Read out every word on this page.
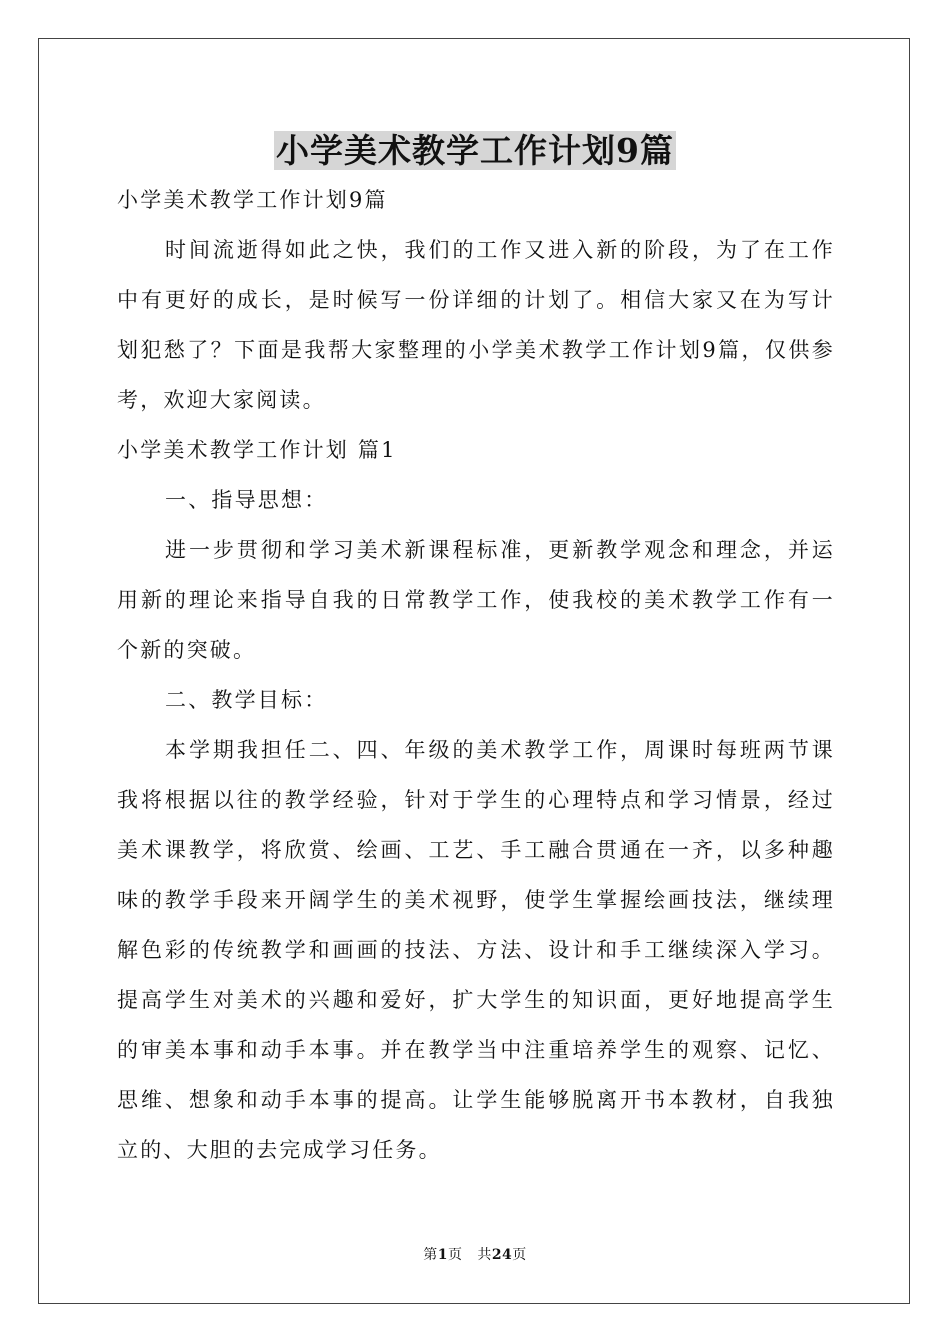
小学美术教学工作计划9篇

小学美术教学工作计划9篇

时间流逝得如此之快，我们的工作又进入新的阶段，为了在工作中有更好的成长，是时候写一份详细的计划了。相信大家又在为写计划犯愁了？下面是我帮大家整理的小学美术教学工作计划9篇，仅供参考，欢迎大家阅读。

小学美术教学工作计划 篇1

一、指导思想：

进一步贯彻和学习美术新课程标准，更新教学观念和理念，并运用新的理论来指导自我的日常教学工作，使我校的美术教学工作有一个新的突破。

二、教学目标：

本学期我担任二、四、年级的美术教学工作，周课时每班两节课我将根据以往的教学经验，针对于学生的心理特点和学习情景，经过美术课教学，将欣赏、绘画、工艺、手工融合贯通在一齐，以多种趣味的教学手段来开阔学生的美术视野，使学生掌握绘画技法，继续理解色彩的传统教学和画画的技法、方法、设计和手工继续深入学习。提高学生对美术的兴趣和爱好，扩大学生的知识面，更好地提高学生的审美本事和动手本事。并在教学当中注重培养学生的观察、记忆、思维、想象和动手本事的提高。让学生能够脱离开书本教材，自我独立的、大胆的去完成学习任务。

第1页 共24页
